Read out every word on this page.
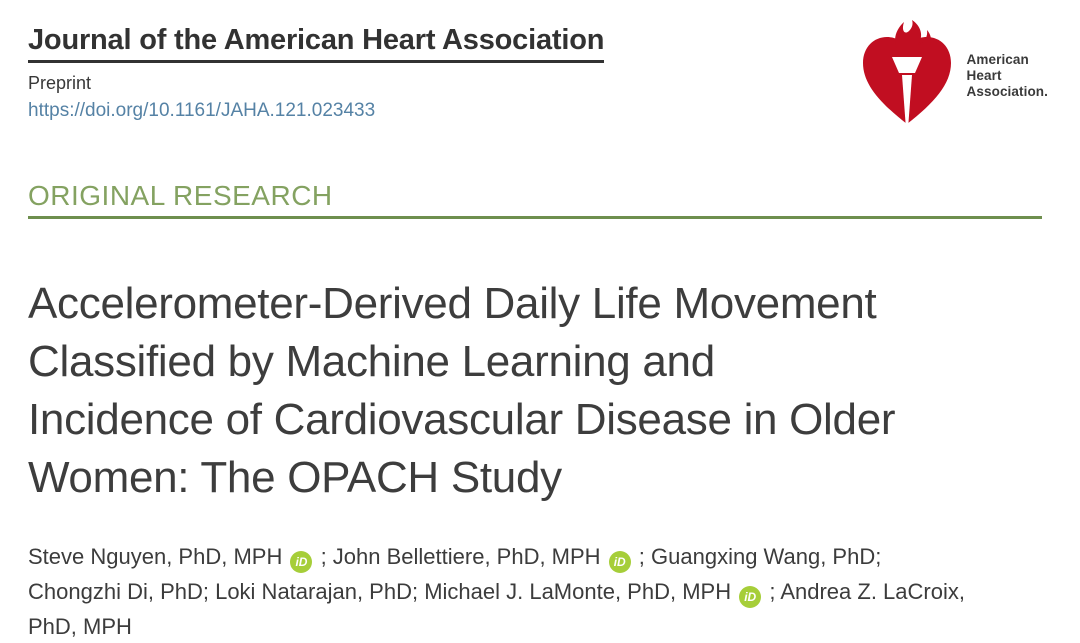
Journal of the American Heart Association
Preprint
https://doi.org/10.1161/JAHA.121.023433
American
Heart
Association.
ORIGINAL RESEARCH
Accelerometer-Derived Daily Life Movement
Classified by Machine Learning and
Incidence of Cardiovascular Disease in Older
Women: The OPACH Study
Steve Nguyen, PhD, MPH iD ; John Bellettiere, PhD, MPH iD ; Guangxing Wang, PhD;
Chongzhi Di, PhD; Loki Natarajan, PhD; Michael J. LaMonte, PhD, MPH iD ; Andrea Z. LaCroix,
PhD, MPH
